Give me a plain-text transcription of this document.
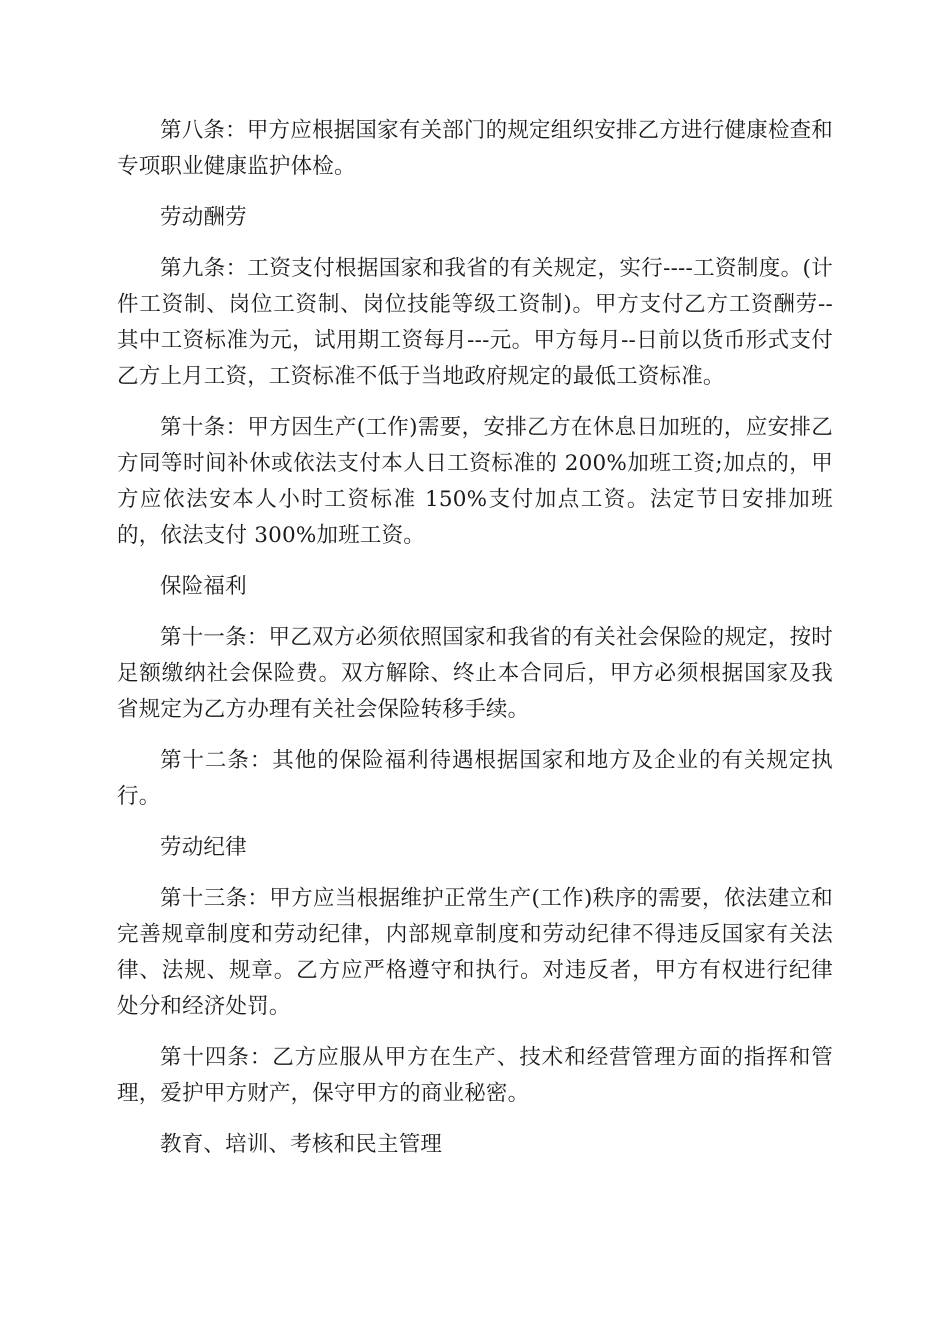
第八条：甲方应根据国家有关部门的规定组织安排乙方进行健康检查和专项职业健康监护体检。

劳动酬劳

第九条：工资支付根据国家和我省的有关规定，实行----工资制度。(计件工资制、岗位工资制、岗位技能等级工资制)。甲方支付乙方工资酬劳--其中工资标准为元，试用期工资每月---元。甲方每月--日前以货币形式支付乙方上月工资，工资标准不低于当地政府规定的最低工资标准。

第十条：甲方因生产(工作)需要，安排乙方在休息日加班的，应安排乙方同等时间补休或依法支付本人日工资标准的 200%加班工资;加点的，甲方应依法安本人小时工资标准 150%支付加点工资。法定节日安排加班的，依法支付 300%加班工资。

保险福利

第十一条：甲乙双方必须依照国家和我省的有关社会保险的规定，按时足额缴纳社会保险费。双方解除、终止本合同后，甲方必须根据国家及我省规定为乙方办理有关社会保险转移手续。

第十二条：其他的保险福利待遇根据国家和地方及企业的有关规定执行。

劳动纪律

第十三条：甲方应当根据维护正常生产(工作)秩序的需要，依法建立和完善规章制度和劳动纪律，内部规章制度和劳动纪律不得违反国家有关法律、法规、规章。乙方应严格遵守和执行。对违反者，甲方有权进行纪律处分和经济处罚。

第十四条：乙方应服从甲方在生产、技术和经营管理方面的指挥和管理，爱护甲方财产，保守甲方的商业秘密。

教育、培训、考核和民主管理
